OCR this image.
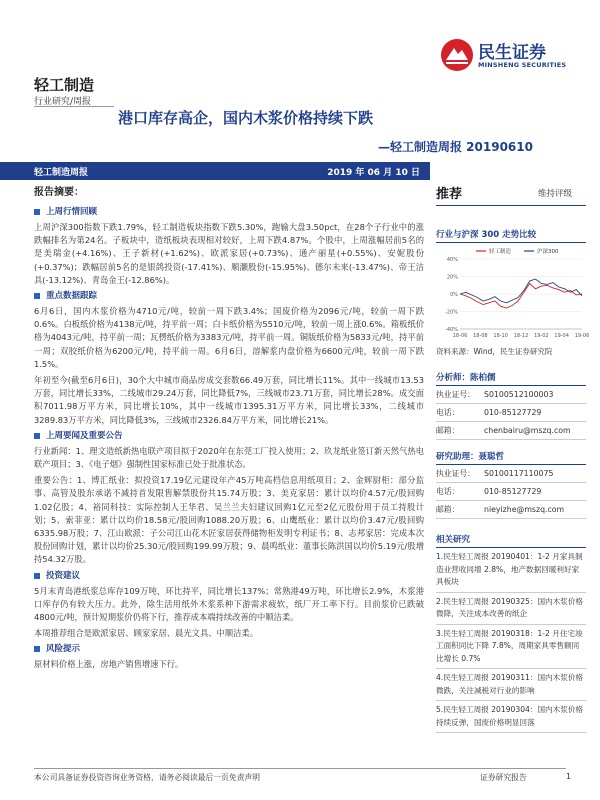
轻工制造
行业研究/周报
民生证券
MINSHENG SECURITIES
港口库存高企，国内木浆价格持续下跌
—轻工制造周报 20190610
轻工制造周报	2019 年 06 月 10 日
报告摘要：
上周行情回顾

上周沪深300指数下跌1.79%，轻工制造板块指数下跌5.30%，跑输大盘3.50pct，在28个子行业中的涨跌幅排名为第24名。子板块中，造纸板块表现相对较好，上周下跌4.87%。个股中，上周涨幅居前5名的是美瑞金(+4.16%)、王子新材(+1.62%)、欧派家居(+0.73%)、通产丽星(+0.55%)、安妮股份(+0.37%)；跌幅居前5名的是银鸽投资(-17.41%)、顺灏股份(-15.95%)、德尔未来(-13.47%)、帝王洁具(-13.12%)、青岛金王(-12.86%)。

重点数据跟踪

6月6日，国内木浆价格为4710元/吨，较前一周下跌3.4%；国废价格为2096元/吨，较前一周下跌0.6%。白板纸价格为4138元/吨，持平前一周；白卡纸价格为5510元/吨，较前一周上涨0.6%。箱板纸价格为4043元/吨，持平前一周；瓦楞纸价格为3383元/吨，持平前一周。铜版纸价格为5833元/吨，持平前一周；双胶纸价格为6200元/吨，持平前一周。6月6日，溶解浆内盘价格为6600元/吨，较前一周下跌1.5%。

年初至今(截至6月6日)，30个大中城市商品房成交套数66.49万套，同比增长11%。其中一线城市13.53万套，同比增长33%，二线城市29.24万套，同比降低7%，三线城市23.71万套，同比增长28%。成交面积7011.98万平方米，同比增长10%，其中一线城市1395.31万平方米，同比增长33%，二线城市3289.83万平方米，同比降低3%，三线城市2326.84万平方米，同比增长21%。

上周要闻及重要公告

行业新闻：1、理文造纸新热电联产项目拟于2020年在东莞工厂投入使用；2、玖龙纸业签订新天然气热电联产项目；3、《电子烟》强制性国家标准已处于批准状态。

重要公告：1、博汇纸业：拟投资17.19亿元建设年产45万吨高档信息用纸项目；2、金辉厨柜：部分监事、高管及股东承诺不减持首发限售解禁股份共15.74万股；3、美克家居：累计以均价4.57元/股回购1.02亿股；4、裕同科技：实际控制人王华君、吴兰兰夫妇建议回购1亿元至2亿元股份用于员工持股计划；5、索菲亚：累计以均价18.58元/股回购1088.20万股；6、山鹰纸业：累计以均价3.47元/股回购6335.98万股；7、江山欧派：子公司江山花木匠家居获得储物柜发明专利证书；8、志邦家居：完成本次股份回购计划，累计以均价25.30元/股回购199.99万股；9、晨鸣纸业：董事长陈洪国以均价5.19元/股增持54.32万股。

投资建议

5月末青岛港纸浆总库存109万吨，环比持平，同比增长137%；常熟港49万吨，环比增长2.9%，木浆港口库存仍有较大压力。此外，除生活用纸外木浆系种下游需求疲软，纸厂开工率下行。目前浆价已跌破4800元/吨，预计短期浆价仍将下行，推荐成本端持续改善的中顺洁柔。

本周推荐组合是欧派家居、顾家家居、晨光文具、中顺洁柔。

风险提示

原材料价格上涨，房地产销售增速下行。

推荐	维持评级
行业与沪深 300 走势比较
轻工制造	沪深300
40%
20%
0%
-20%
-40%
18-06 18-08 18-10 18-12 19-02 19-04 19-06
资料来源：Wind，民生证券研究院
分析师：陈柏儒
执业证号： S0100512100003
电话：	010-85127729
邮箱：	chenbairu@mszq.com
研究助理：聂聪哲
执业证号： S0100117110075
电话：	010-85127729
邮箱：	nieyizhe@mszq.com
相关研究
1.民生轻工周报 20190401：1-2 月家具制造业营收同增 2.8%，地产数据回暖利好家具板块
2.民生轻工周报 20190325：国内木浆价格微降，关注成本改善的纸企
3.民生轻工周报 20190318：1-2 月住宅竣工面积同比下降 7.8%，周期家具零售额同比增长 0.7%
4.民生轻工周报 20190311：国内木浆价格微跌，关注减税对行业的影响
5.民生轻工周报 20190304：国内木浆价格持续反弹，国废价格明显回落
本公司具备证券投资咨询业务资格，请务必阅读最后一页免责声明	证券研究报告	1
